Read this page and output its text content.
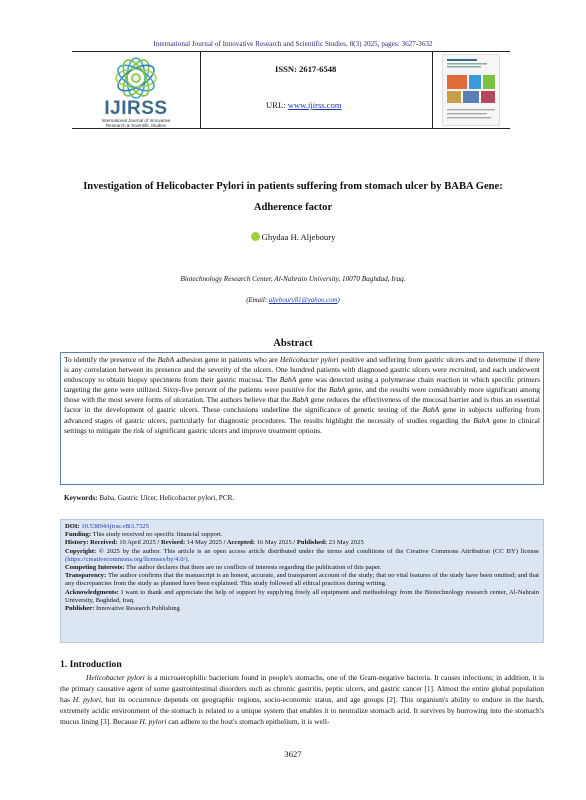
International Journal of Innovative Research and Scientific Studies, 8(3) 2025, pages: 3627-3632
IJIRSS
International Journal of Innovative
Research & Scientific Studies
ISSN: 2617-6548
URL: www.ijirss.com
Investigation of Helicobacter Pylori in patients suffering from stomach ulcer by BABA Gene:
Adherence factor
Ghydaa H. Aljeboury
Biotechnology Research Center, Al-Nahrain University, 10070 Baghdad, Iraq.
(Email: aljeboury81@yahoo.com)
Abstract
To identify the presence of the BabA adhesion gene in patients who are Helicobacter pylori positive and suffering from gastric ulcers and to determine if there is any correlation between its presence and the severity of the ulcers. One hundred patients with diagnosed gastric ulcers were recruited, and each underwent endoscopy to obtain biopsy specimens from their gastric mucosa. The BabA gene was detected using a polymerase chain reaction in which specific primers targeting the gene were utilized. Sixty-five percent of the patients were positive for the BabA gene, and the results were considerably more significant among those with the most severe forms of ulceration. The authors believe that the BabA gene reduces the effectiveness of the mucosal barrier and is thus an essential factor in the development of gastric ulcers. These conclusions underline the significance of genetic testing of the BabA gene in subjects suffering from advanced stages of gastric ulcers, particularly for diagnostic procedures. The results highlight the necessity of studies regarding the BabA gene in clinical settings to mitigate the risk of significant gastric ulcers and improve treatment options.
Keywords: Baba, Gastric Ulcer, Helicobacter pylori, PCR.
DOI: 10.53894/ijirss.v8i3.7325
Funding: This study received no specific financial support.
History: Received: 10 April 2025 / Revised: 14 May 2025 / Accepted: 16 May 2025 / Published: 23 May 2025
Copyright: © 2025 by the author. This article is an open access article distributed under the terms and conditions of the Creative Commons Attribution (CC BY) license (https://creativecommons.org/licenses/by/4.0/).
Competing Interests: The author declares that there are no conflicts of interests regarding the publication of this paper.
Transparency: The author confirms that the manuscript is an honest, accurate, and transparent account of the study; that no vital features of the study have been omitted; and that any discrepancies from the study as planned have been explained. This study followed all ethical practices during writing.
Acknowledgments: I want to thank and appreciate the help of support by supplying freely all equipment and methodology from the Biotechnology research center, Al-Nahrain University, Baghdad, Iraq.
Publisher: Innovative Research Publishing
1. Introduction

Helicobacter pylori is a microaerophilic bacterium found in people's stomachs, one of the Gram-negative bacteria. It causes infections; in addition, it is the primary causative agent of some gastrointestinal disorders such as chronic gastritis, peptic ulcers, and gastric cancer [1]. Almost the entire global population has H. pylori, but its occurrence depends on geographic regions, socio-economic status, and age groups [2]. This organism's ability to endure in the harsh, extremely acidic environment of the stomach is related to a unique system that enables it to neutralize stomach acid. It survives by burrowing into the stomach's mucus lining [3]. Because H. pylori can adhere to the host's stomach epithelium, it is well-

3627
